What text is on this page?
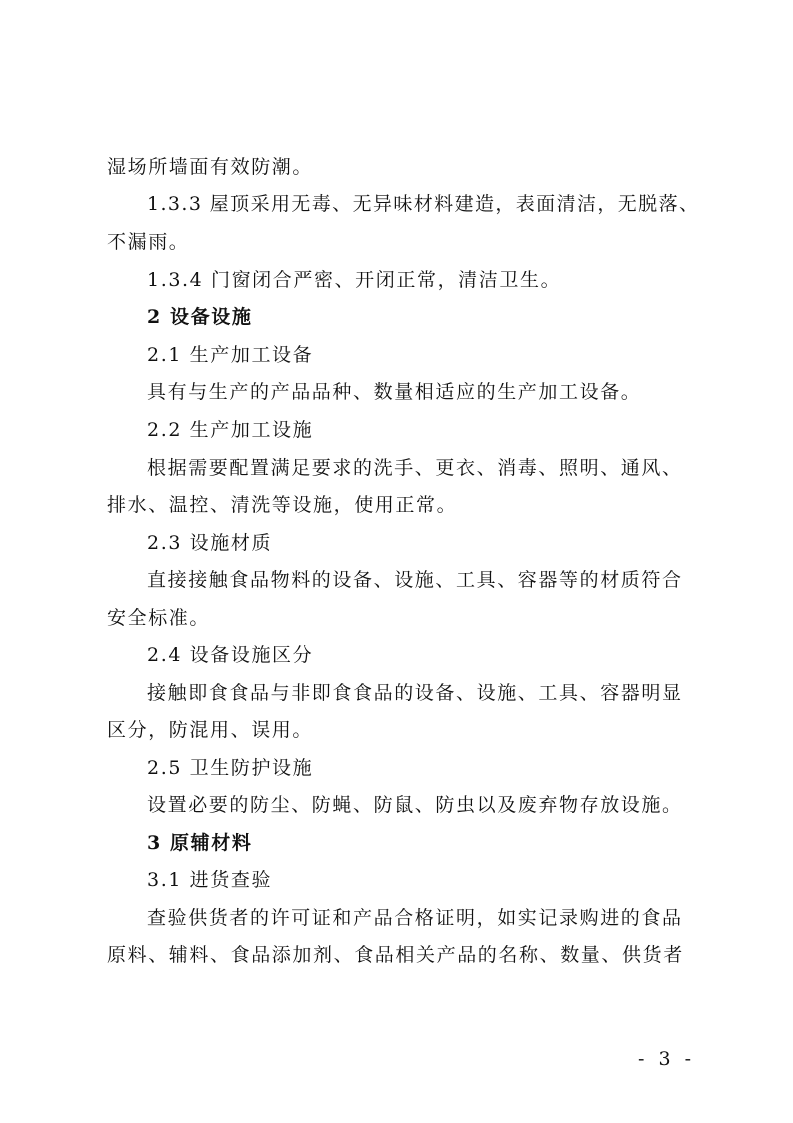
湿场所墙面有效防潮。
1.3.3 屋顶采用无毒、无异味材料建造，表面清洁，无脱落、
不漏雨。
1.3.4 门窗闭合严密、开闭正常，清洁卫生。
2 设备设施
2.1 生产加工设备
具有与生产的产品品种、数量相适应的生产加工设备。
2.2 生产加工设施
根据需要配置满足要求的洗手、更衣、消毒、照明、通风、
排水、温控、清洗等设施，使用正常。
2.3 设施材质
直接接触食品物料的设备、设施、工具、容器等的材质符合
安全标准。
2.4 设备设施区分
接触即食食品与非即食食品的设备、设施、工具、容器明显
区分，防混用、误用。
2.5 卫生防护设施
设置必要的防尘、防蝇、防鼠、防虫以及废弃物存放设施。
3 原辅材料
3.1 进货查验
查验供货者的许可证和产品合格证明，如实记录购进的食品
原料、辅料、食品添加剂、食品相关产品的名称、数量、供货者
- 3 -
